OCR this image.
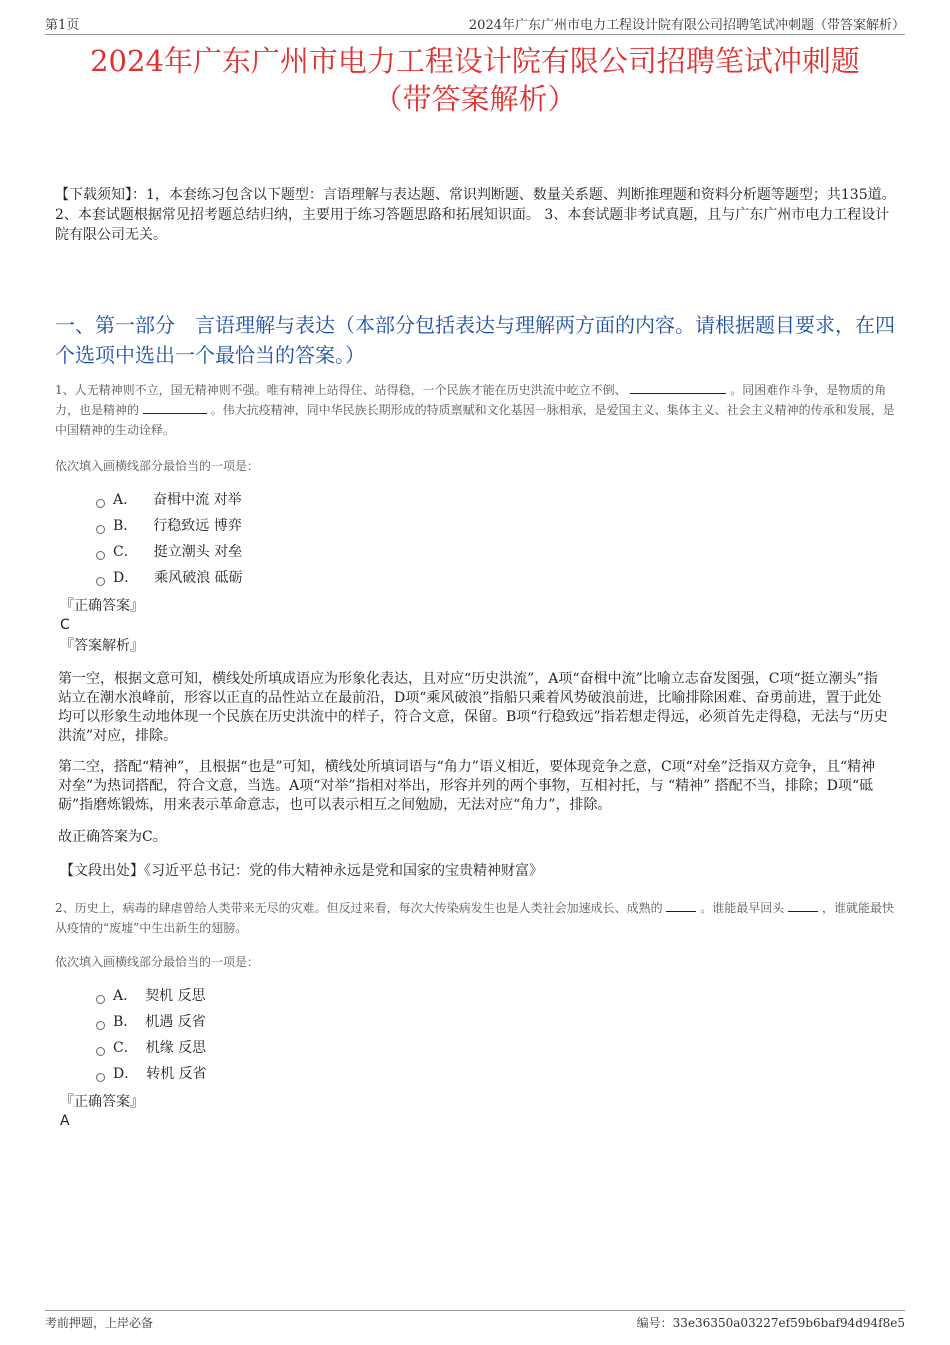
第1页	2024年广东广州市电力工程设计院有限公司招聘笔试冲刺题（带答案解析）
2024年广东广州市电力工程设计院有限公司招聘笔试冲刺题
（带答案解析）
【下载须知】：1，本套练习包含以下题型：言语理解与表达题、常识判断题、数量关系题、判断推理题和资料分析题等题型；共135道。 2、本套试题根据常见招考题总结归纳，主要用于练习答题思路和拓展知识面。 3、本套试题非考试真题，且与广东广州市电力工程设计院有限公司无关。
一、第一部分　言语理解与表达（本部分包括表达与理解两方面的内容。请根据题目要求，在四个选项中选出一个最恰当的答案。）
1、人无精神则不立，国无精神则不强。唯有精神上站得住、站得稳，一个民族才能在历史洪流中屹立不倒、	。同困难作斗争，是物质的角力，也是精神的	。伟大抗疫精神，同中华民族长期形成的特质禀赋和文化基因一脉相承，是爱国主义、集体主义、社会主义精神的传承和发展，是中国精神的生动诠释。
依次填入画横线部分最恰当的一项是：
A． 奋楫中流 对举
B． 行稳致远 博弈
C． 挺立潮头 对垒
D． 乘风破浪 砥砺
『正确答案』
C
『答案解析』
第一空，根据文意可知，横线处所填成语应为形象化表达，且对应“历史洪流”，A项“奋楫中流”比喻立志奋发图强，C项“挺立潮头”指站立在潮水浪峰前，形容以正直的品性站立在最前沿，D项“乘风破浪”指船只乘着风势破浪前进，比喻排除困难、奋勇前进，置于此处均可以形象生动地体现一个民族在历史洪流中的样子，符合文意，保留。B项“行稳致远”指若想走得远，必须首先走得稳，无法与“历史洪流”对应，排除。
第二空，搭配“精神”，且根据“也是”可知，横线处所填词语与“角力”语义相近，要体现竞争之意，C项“对垒”泛指双方竞争，且“精神对垒”为热词搭配，符合文意，当选。A项“对举”指相对举出，形容并列的两个事物，互相衬托，与 “精神” 搭配不当，排除；D项“砥砺”指磨炼锻炼，用来表示革命意志，也可以表示相互之间勉励，无法对应“角力”，排除。
故正确答案为C。
【文段出处】《习近平总书记：党的伟大精神永远是党和国家的宝贵精神财富》
2、历史上，病毒的肆虐曾给人类带来无尽的灾难。但反过来看，每次大传染病发生也是人类社会加速成长、成熟的	。谁能最早回头	，谁就能最快从疫情的“废墟”中生出新生的翅膀。
依次填入画横线部分最恰当的一项是：
A． 契机 反思
B． 机遇 反省
C． 机缘 反思
D． 转机 反省
『正确答案』
A
考前押题，上岸必备	编号：33e36350a03227ef59b6baf94d94f8e5
